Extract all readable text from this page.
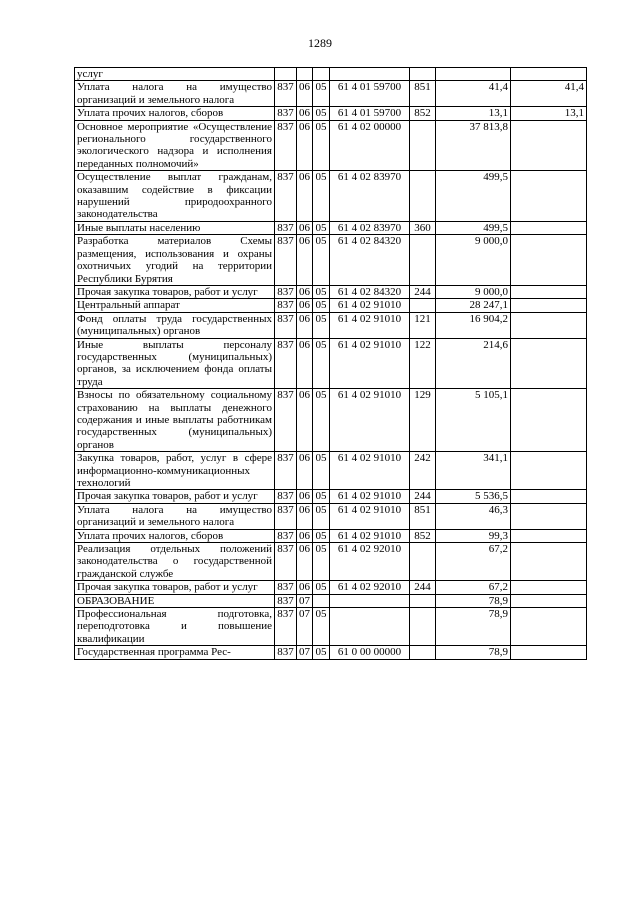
1289
услуг							
Уплата налога на имущество организаций и земельного налога	837	06	05	61 4 01 59700	851	41,4	41,4
Уплата прочих налогов, сборов	837	06	05	61 4 01 59700	852	13,1	13,1
Основное мероприятие «Осуществление регионального государственного экологического надзора и исполнения переданных полномочий»	837	06	05	61 4 02 00000		37 813,8	
Осуществление выплат гражданам, оказавшим содействие в фиксации нарушений природоохранного законодательства	837	06	05	61 4 02 83970		499,5	
Иные выплаты населению	837	06	05	61 4 02 83970	360	499,5	
Разработка материалов Схемы размещения, использования и охраны охотничьих угодий на территории Республики Бурятия	837	06	05	61 4 02 84320		9 000,0	
Прочая закупка товаров, работ и услуг	837	06	05	61 4 02 84320	244	9 000,0	
Центральный аппарат	837	06	05	61 4 02 91010		28 247,1	
Фонд оплаты труда государственных (муниципальных) органов	837	06	05	61 4 02 91010	121	16 904,2	
Иные выплаты персоналу государственных (муниципальных) органов, за исключением фонда оплаты труда	837	06	05	61 4 02 91010	122	214,6	
Взносы по обязательному социальному страхованию на выплаты денежного содержания и иные выплаты работникам государственных (муниципальных) органов	837	06	05	61 4 02 91010	129	5 105,1	
Закупка товаров, работ, услуг в сфере информационно-коммуникационных технологий	837	06	05	61 4 02 91010	242	341,1	
Прочая закупка товаров, работ и услуг	837	06	05	61 4 02 91010	244	5 536,5	
Уплата налога на имущество организаций и земельного налога	837	06	05	61 4 02 91010	851	46,3	
Уплата прочих налогов, сборов	837	06	05	61 4 02 91010	852	99,3	
Реализация отдельных положений законодательства о государственной гражданской службе	837	06	05	61 4 02 92010		67,2	
Прочая закупка товаров, работ и услуг	837	06	05	61 4 02 92010	244	67,2	
ОБРАЗОВАНИЕ	837	07				78,9	
Профессиональная подготовка, переподготовка и повышение квалификации	837	07	05			78,9	
Государственная программа Рес-	837	07	05	61 0 00 00000		78,9	
